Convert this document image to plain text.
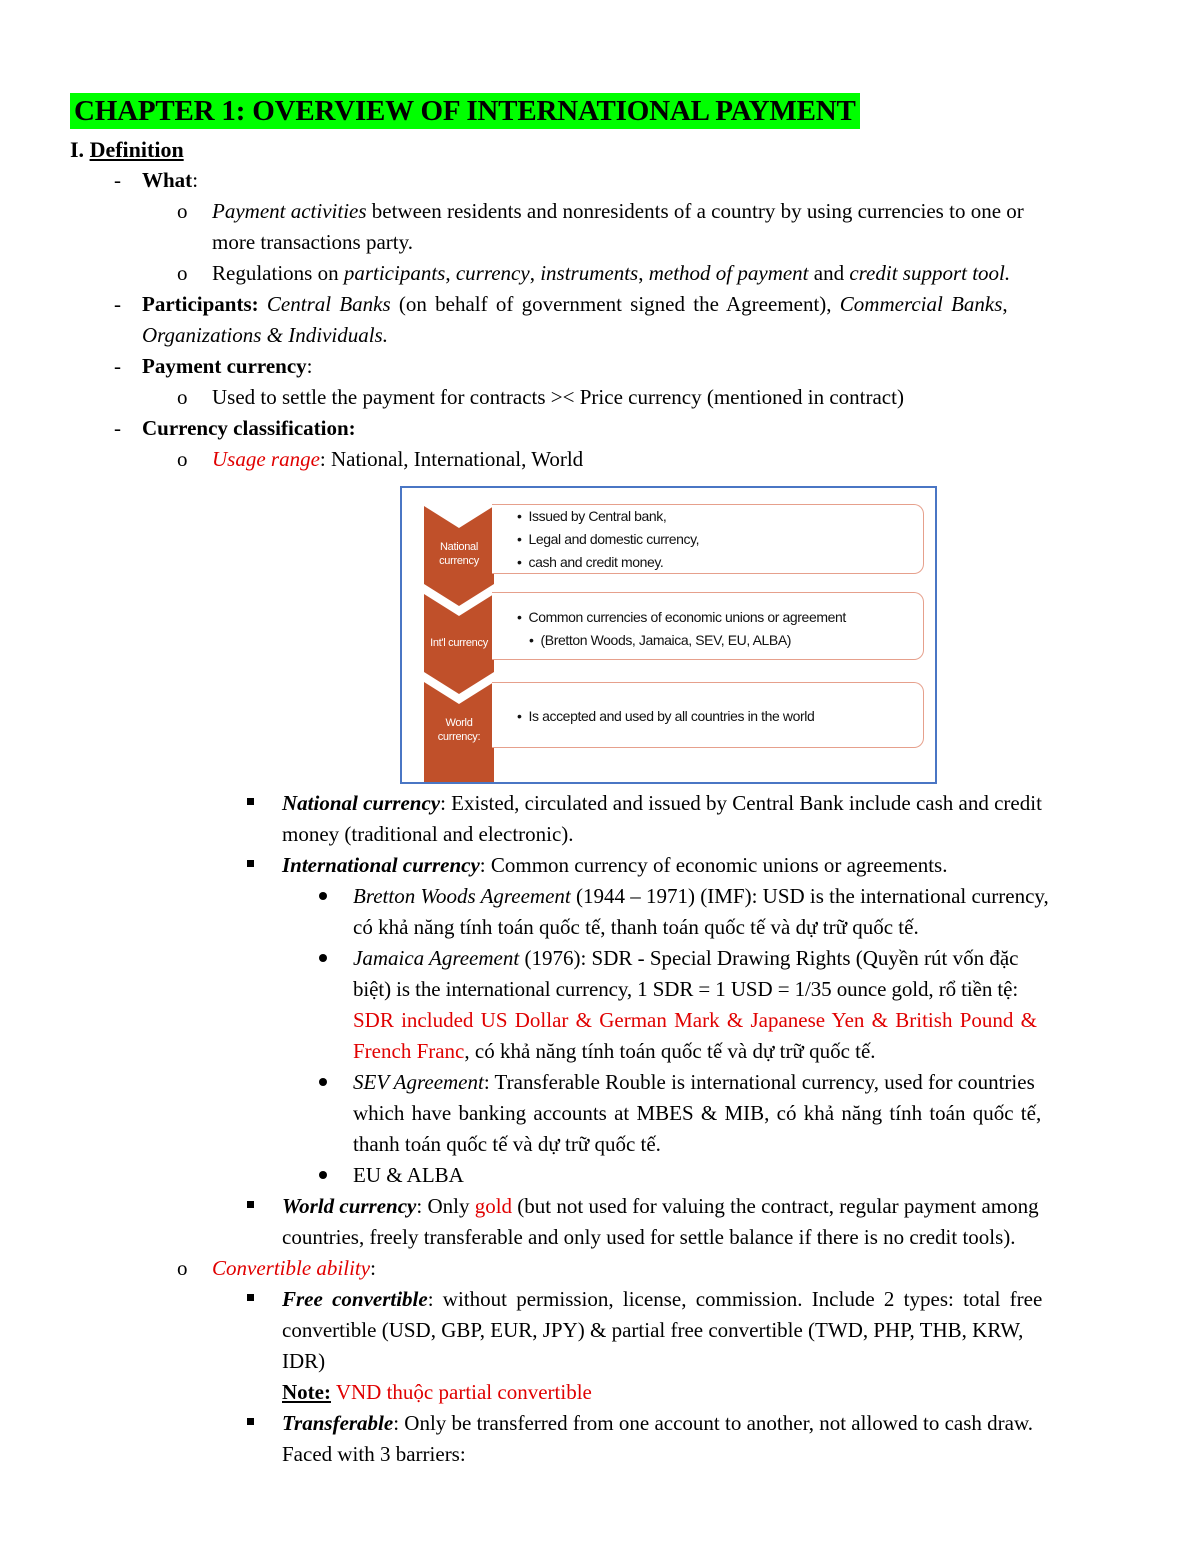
CHAPTER 1: OVERVIEW OF INTERNATIONAL PAYMENT
I. Definition
- What:
o	Payment activities between residents and nonresidents of a country by using currencies to one or
more transactions party.
o	Regulations on participants, currency, instruments, method of payment and credit support tool.
-	Participants: Central Banks (on behalf of government signed the Agreement), Commercial Banks,
Organizations & Individuals.
- Payment currency:
o	Used to settle the payment for contracts >< Price currency (mentioned in contract)
- Currency classification:
o	Usage range: National, International, World
National currency: Existed, circulated and issued by Central Bank include cash and credit
money (traditional and electronic).
International currency: Common currency of economic unions or agreements.
Bretton Woods Agreement (1944 – 1971) (IMF): USD is the international currency,
có khả năng tính toán quốc tế, thanh toán quốc tế và dự trữ quốc tế.
Jamaica Agreement (1976): SDR - Special Drawing Rights (Quyền rút vốn đặc
biệt) is the international currency, 1 SDR = 1 USD = 1/35 ounce gold, rổ tiền tệ:
SDR included US Dollar & German Mark & Japanese Yen & British Pound &
French Franc, có khả năng tính toán quốc tế và dự trữ quốc tế.
SEV Agreement: Transferable Rouble is international currency, used for countries
which have banking accounts at MBES & MIB, có khả năng tính toán quốc tế,
thanh toán quốc tế và dự trữ quốc tế.
EU & ALBA
World currency: Only gold (but not used for valuing the contract, regular payment among
countries, freely transferable and only used for settle balance if there is no credit tools).
o	Convertible ability:
Free convertible: without permission, license, commission. Include 2 types: total free
convertible (USD, GBP, EUR, JPY) & partial free convertible (TWD, PHP, THB, KRW,
IDR)
Note: VND thuộc partial convertible
Transferable: Only be transferred from one account to another, not allowed to cash draw.
Faced with 3 barriers:
National
currency
• Issued by Central bank,
• Legal and domestic currency,
• cash and credit money.
Int'l currency
• Common currencies of economic unions or agreement
• (Bretton Woods, Jamaica, SEV, EU, ALBA)
World
currency:
• Is accepted and used by all countries in the world
